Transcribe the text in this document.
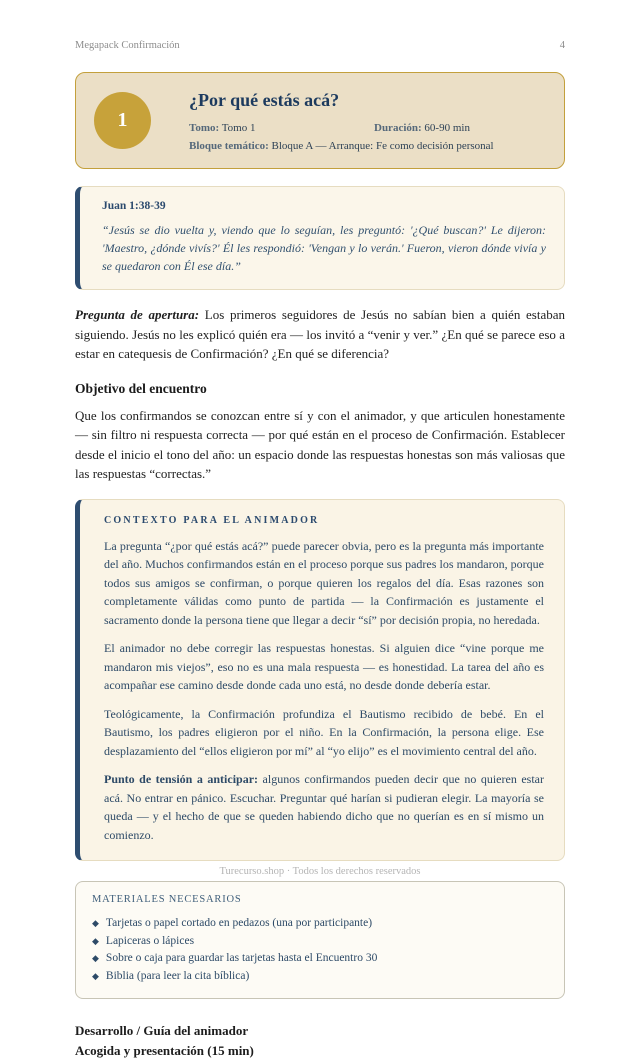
Megapack Confirmación	4
1
¿Por qué estás acá?
Tomo: Tomo 1	Duración: 60-90 min
Bloque temático: Bloque A — Arranque: Fe como decisión personal
Juan 1:38-39
“Jesús se dio vuelta y, viendo que lo seguían, les preguntó: '¿Qué buscan?' Le dijeron: 'Maestro, ¿dónde vivís?' Él les respondió: 'Vengan y lo verán.' Fueron, vieron dónde vivía y se quedaron con Él ese día.”

Pregunta de apertura: Los primeros seguidores de Jesús no sabían bien a quién estaban siguiendo. Jesús no les explicó quién era — los invitó a “venir y ver.” ¿En qué se parece eso a estar en catequesis de Confirmación? ¿En qué se diferencia?

Objetivo del encuentro

Que los confirmandos se conozcan entre sí y con el animador, y que articulen honestamente — sin filtro ni respuesta correcta — por qué están en el proceso de Confirmación. Establecer desde el inicio el tono del año: un espacio donde las respuestas honestas son más valiosas que las respuestas “correctas.”

CONTEXTO PARA EL ANIMADOR

La pregunta “¿por qué estás acá?” puede parecer obvia, pero es la pregunta más importante del año. Muchos confirmandos están en el proceso porque sus padres los mandaron, porque todos sus amigos se confirman, o porque quieren los regalos del día. Esas razones son completamente válidas como punto de partida — la Confirmación es justamente el sacramento donde la persona tiene que llegar a decir “sí” por decisión propia, no heredada.

El animador no debe corregir las respuestas honestas. Si alguien dice “vine porque me mandaron mis viejos”, eso no es una mala respuesta — es honestidad. La tarea del año es acompañar ese camino desde donde cada uno está, no desde donde debería estar.

Teológicamente, la Confirmación profundiza el Bautismo recibido de bebé. En el Bautismo, los padres eligieron por el niño. En la Confirmación, la persona elige. Ese desplazamiento del “ellos eligieron por mí” al “yo elijo” es el movimiento central del año.

Punto de tensión a anticipar: algunos confirmandos pueden decir que no quieren estar acá. No entrar en pánico. Escuchar. Preguntar qué harían si pudieran elegir. La mayoría se queda — y el hecho de que se queden habiendo dicho que no querían es en sí mismo un comienzo.

MATERIALES NECESARIOS
◆ Tarjetas o papel cortado en pedazos (una por participante)
◆ Lapiceras o lápices
◆ Sobre o caja para guardar las tarjetas hasta el Encuentro 30
◆ Biblia (para leer la cita bíblica)
Desarrollo / Guía del animador
Acogida y presentación (15 min)
Turecurso.shop · Todos los derechos reservados
